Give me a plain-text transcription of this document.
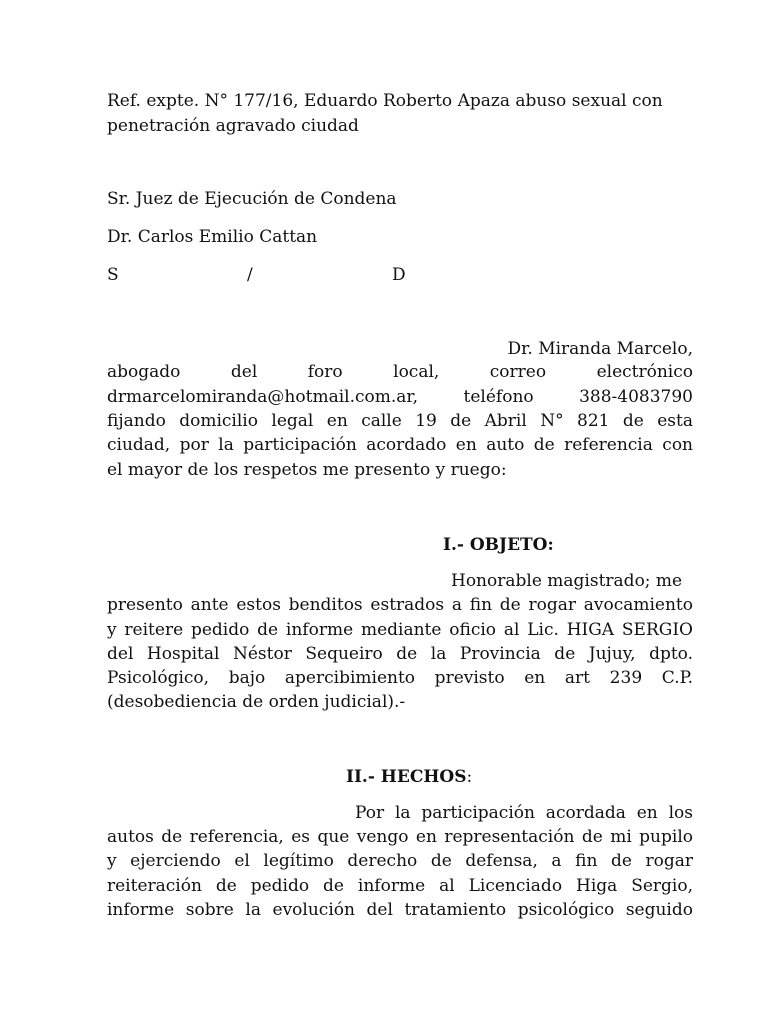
Ref. expte. N° 177/16, Eduardo Roberto Apaza abuso sexual con

penetración agravado ciudad

Sr. Juez de Ejecución de Condena

Dr. Carlos Emilio Cattan

S	/	D

Dr. Miranda Marcelo,

abogado del foro local, correo electrónico

drmarcelomiranda@hotmail.com.ar, teléfono 388-4083790

fijando domicilio legal en calle 19 de Abril N° 821 de esta

ciudad, por la participación acordado en auto de referencia con

el mayor de los respetos me presento y ruego:

I.- OBJETO:

Honorable magistrado; me

presento ante estos benditos estrados a fin de rogar avocamiento

y reitere pedido de informe mediante oficio al Lic. HIGA SERGIO

del Hospital Néstor Sequeiro de la Provincia de Jujuy, dpto.

Psicológico, bajo apercibimiento previsto en art 239 C.P.

(desobediencia de orden judicial).-

II.- HECHOS:

Por la participación acordada en los

autos de referencia, es que vengo en representación de mi pupilo

y ejerciendo el legítimo derecho de defensa, a fin de rogar

reiteración de pedido de informe al Licenciado Higa Sergio,

informe sobre la evolución del tratamiento psicológico seguido
